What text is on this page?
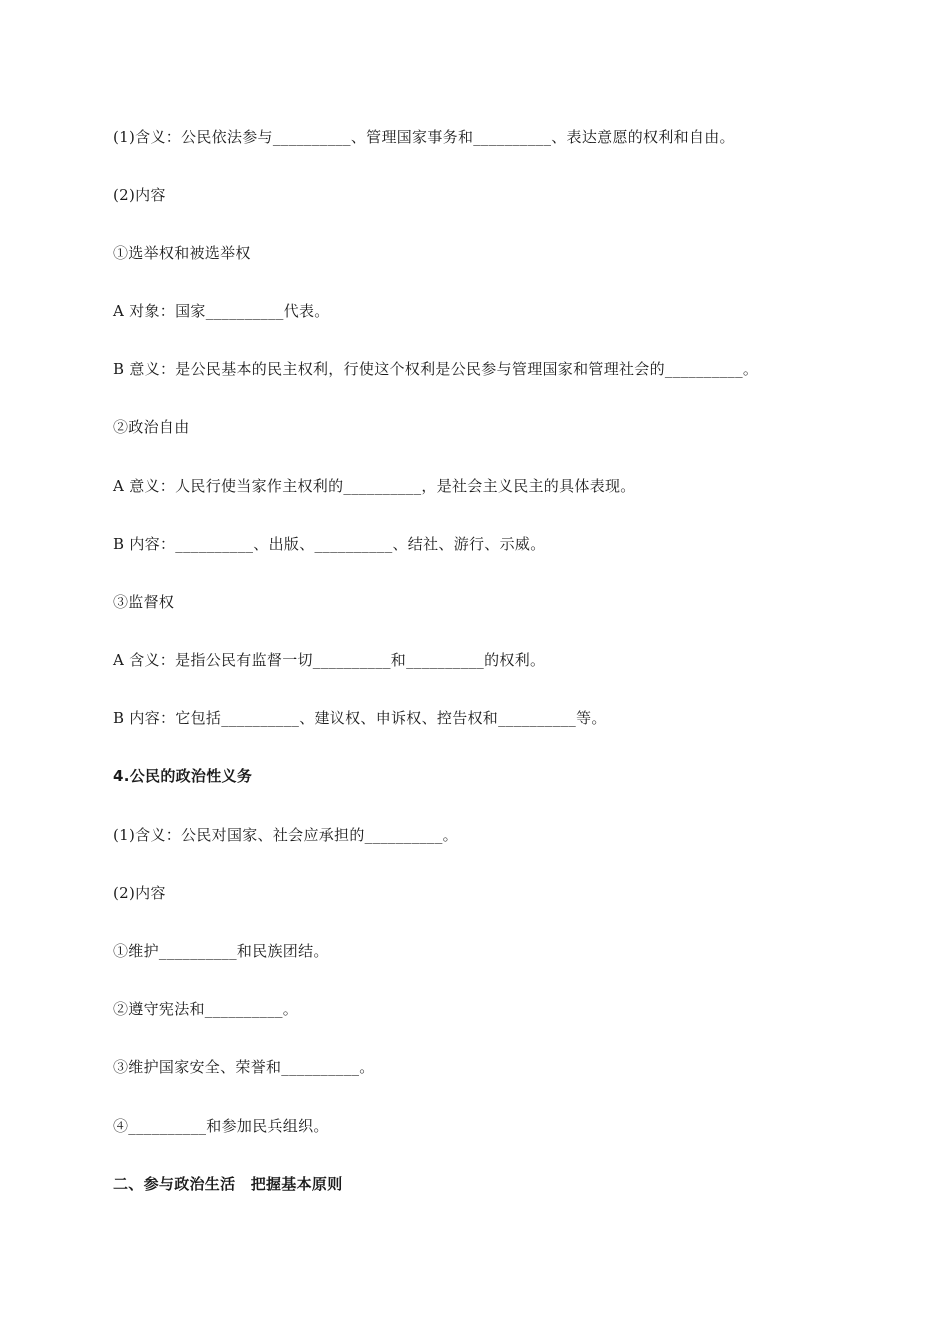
(1)含义：公民依法参与__________、管理国家事务和__________、表达意愿的权利和自由。
(2)内容
①选举权和被选举权
A 对象：国家__________代表。
B 意义：是公民基本的民主权利，行使这个权利是公民参与管理国家和管理社会的__________。
②政治自由
A 意义：人民行使当家作主权利的__________，是社会主义民主的具体表现。
B 内容：__________、出版、__________、结社、游行、示威。
③监督权
A 含义：是指公民有监督一切__________和__________的权利。
B 内容：它包括__________、建议权、申诉权、控告权和__________等。
4.公民的政治性义务
(1)含义：公民对国家、社会应承担的__________。
(2)内容
①维护__________和民族团结。
②遵守宪法和__________。
③维护国家安全、荣誉和__________。
④__________和参加民兵组织。
二、参与政治生活　把握基本原则
